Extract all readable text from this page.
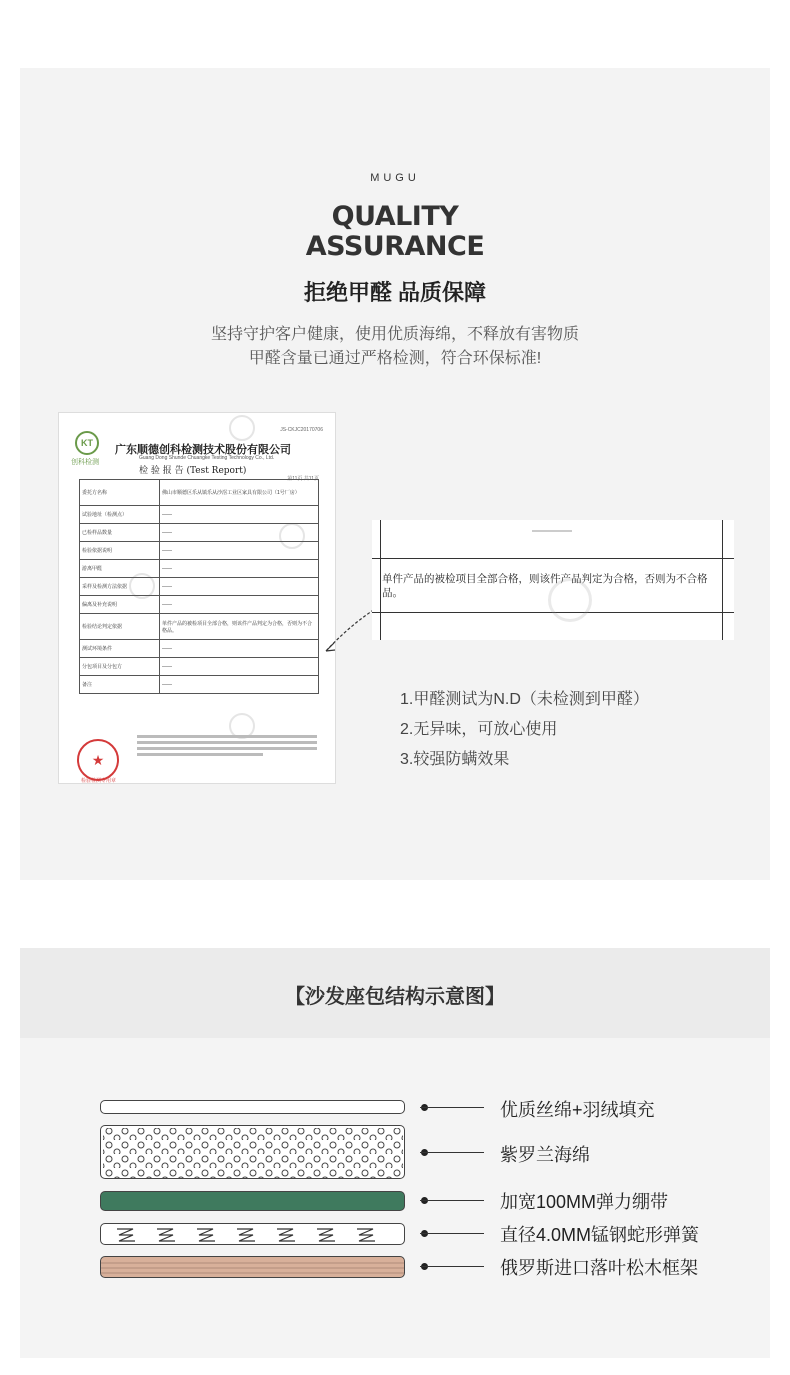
MUGU
QUALITY
ASSURANCE
拒绝甲醛 品质保障
坚持守护客户健康，使用优质海绵，不释放有害物质
甲醛含量已通过严格检测，符合环保标准!
KT
创科检测
JS-CKJC20170706
广东顺德创科检测技术股份有限公司
Guang Dong Shunde Chuangke Testing Technology Co., Ltd.
检 验 报 告 (Test Report)
第11页 共11页
委托方名称	佛山市顺德区乐从镇乐从沙滘工业区家具有限公司（1号厂房）
试验地址（检测点）	——
已检样品数量	——
检验依据说明	——
游离甲醛	——
采样及检测方法依据	——
偏离及补充说明	——
检验结论判定依据	单件产品的被检项目全部合格，则该件产品判定为合格，否则为不合格品。
测试环境条件	——
分包项目及分包方	——
备注	——
★
检验检测专用章
单件产品的被检项目全部合格，则该件产品判定为合格，否则为不合格品。
1.甲醛测试为N.D（未检测到甲醛）
2.无异味，可放心使用
3.较强防螨效果
【沙发座包结构示意图】
优质丝绵+羽绒填充
紫罗兰海绵
加宽100MM弹力绷带
直径4.0MM锰钢蛇形弹簧
俄罗斯进口落叶松木框架
